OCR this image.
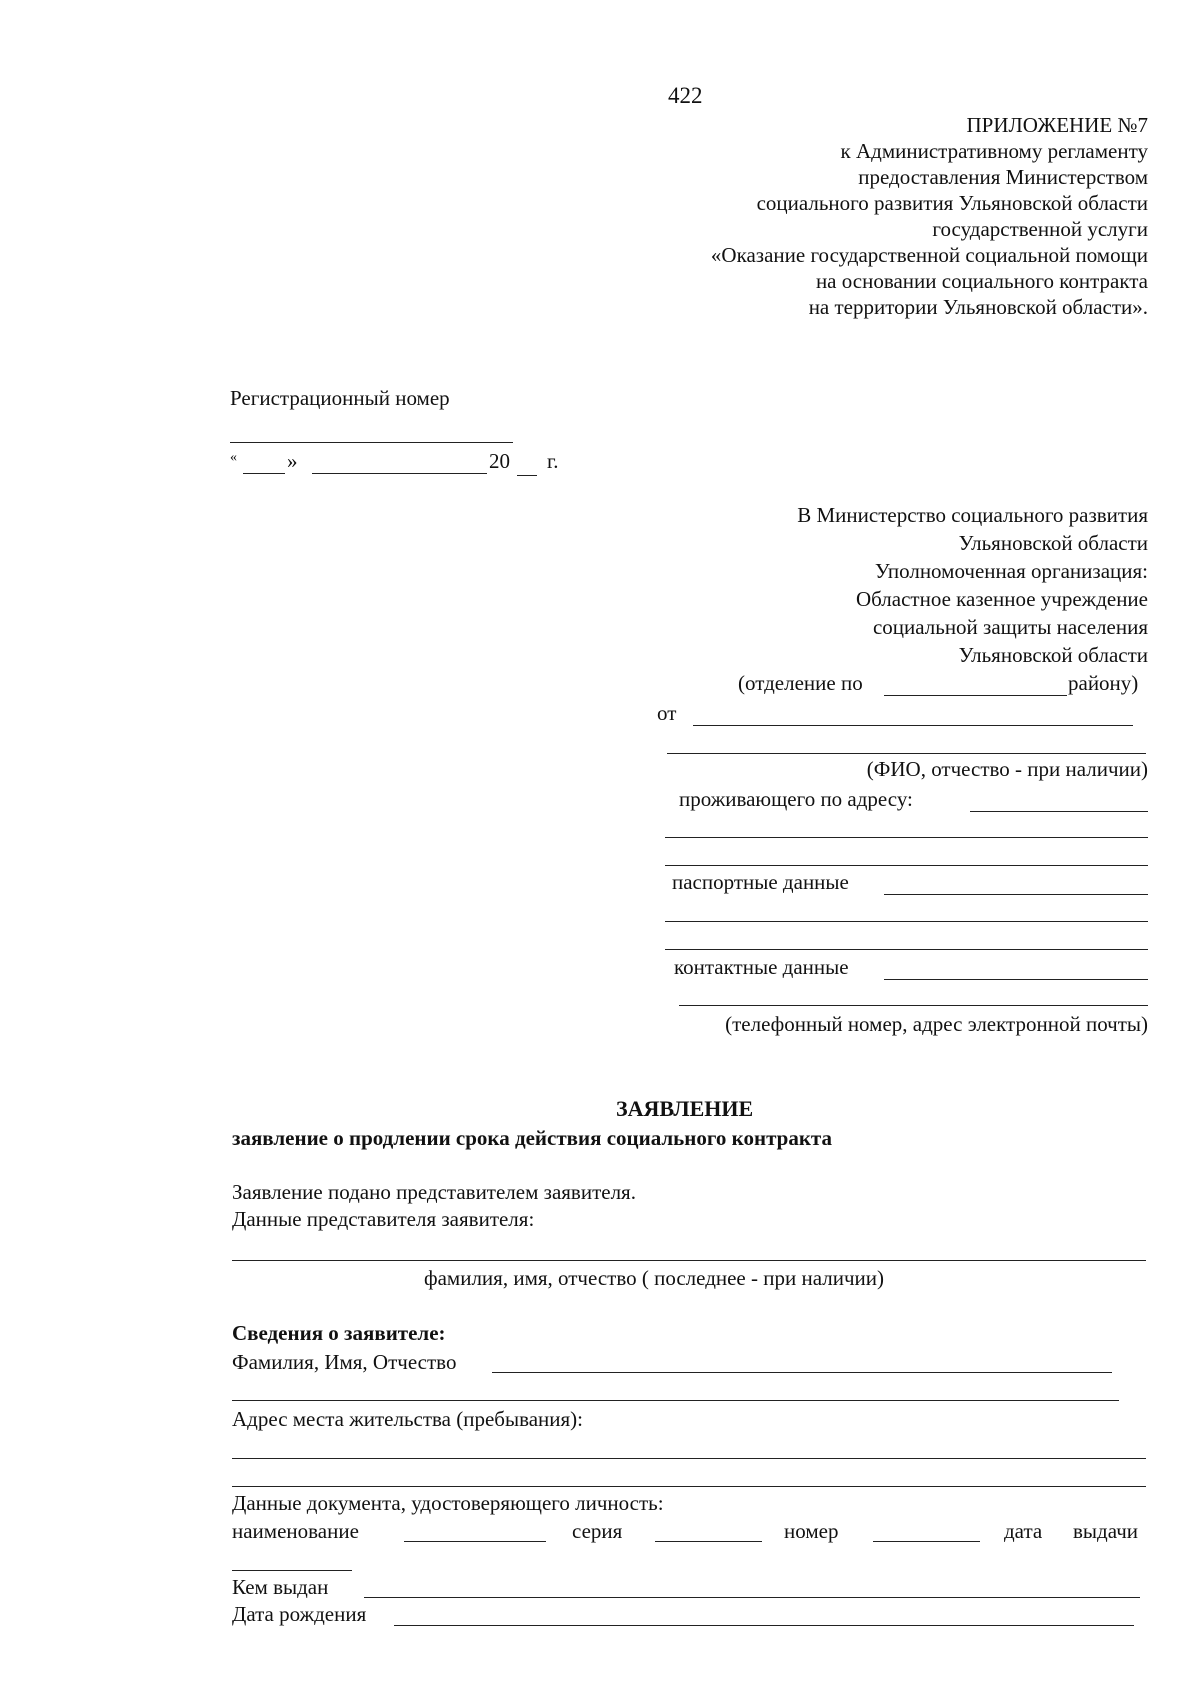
422
ПРИЛОЖЕНИЕ №7
к Административному регламенту
предоставления Министерством
социального развития Ульяновской области
государственной услуги
«Оказание государственной социальной помощи
на основании социального контракта
на территории Ульяновской области».
Регистрационный номер
« »	20 г.
В Министерство социального развития
Ульяновской области
Уполномоченная организация:
Областное казенное учреждение
социальной защиты населения
Ульяновской области
(отделение по	району)
от
(ФИО, отчество - при наличии)
проживающего по адресу:
паспортные данные
контактные данные
(телефонный номер, адрес электронной почты)
ЗАЯВЛЕНИЕ
заявление о продлении срока действия социального контракта
Заявление подано представителем заявителя.
Данные представителя заявителя:
фамилия, имя, отчество ( последнее - при наличии)
Сведения о заявителе:
Фамилия, Имя, Отчество
Адрес места жительства (пребывания):
Данные документа, удостоверяющего личность:
наименование	серия	номер	дата выдачи
Кем выдан
Дата рождения
